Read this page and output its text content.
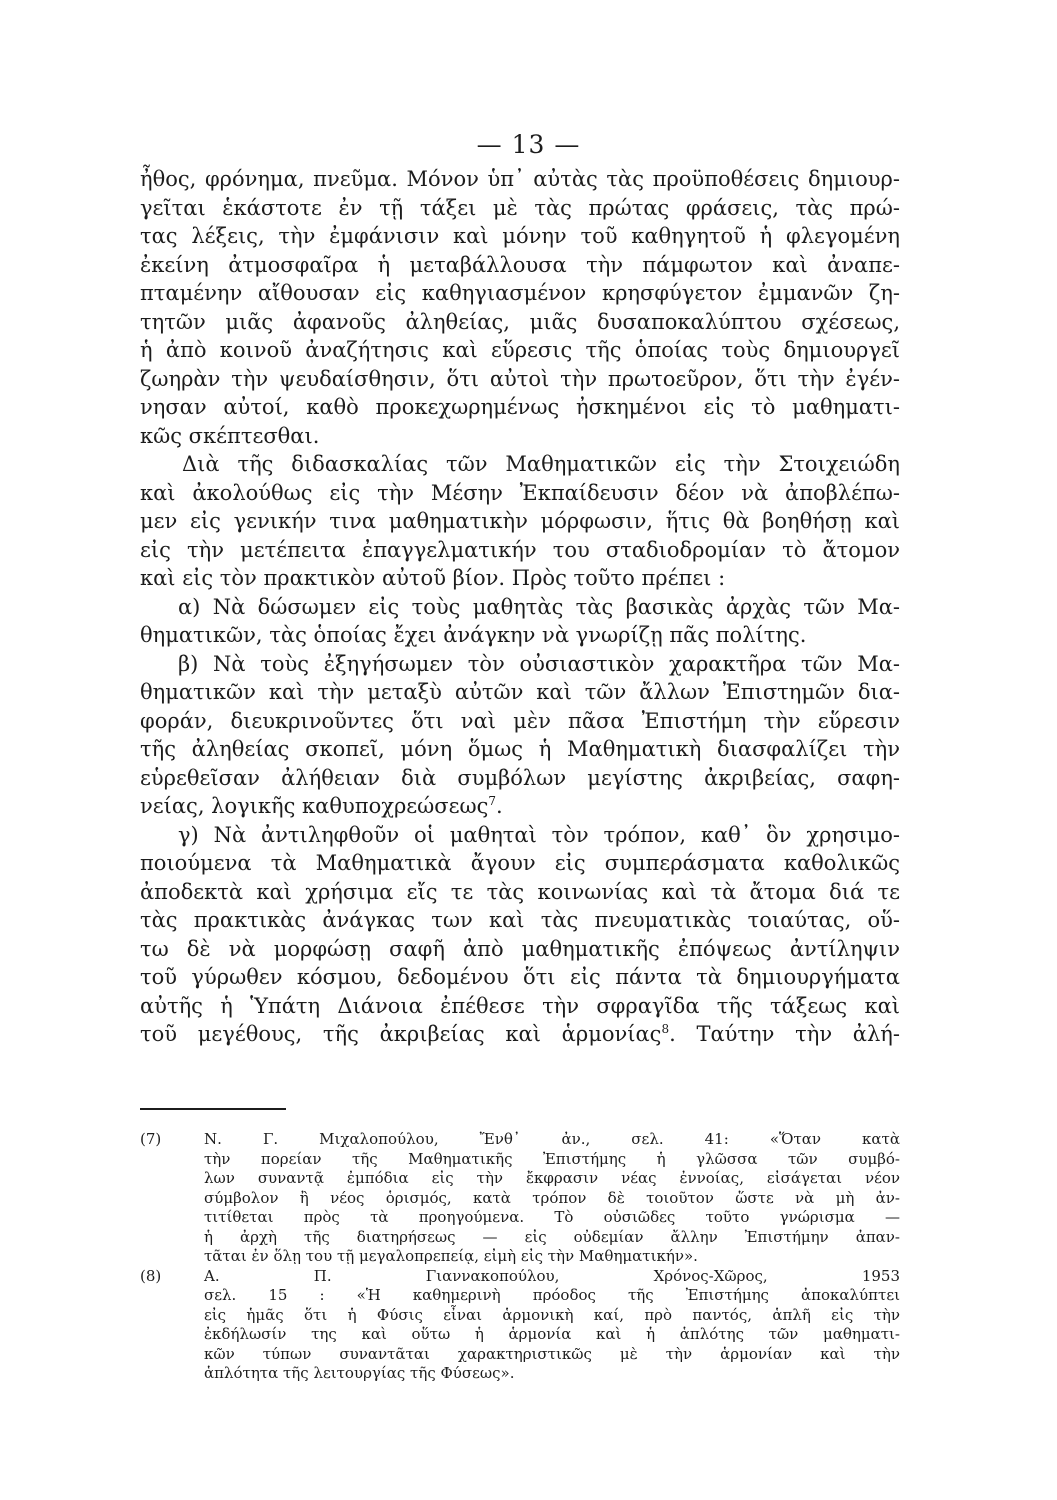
— 13 —

ἦθος, φρόνημα, πνεῦμα. Μόνον ὑπ᾽ αὐτὰς τὰς προϋποθέσεις δημιουρ-
γεῖται ἑκάστοτε ἐν τῇ τάξει μὲ τὰς πρώτας φράσεις, τὰς πρώ-
τας λέξεις, τὴν ἐμφάνισιν καὶ μόνην τοῦ καθηγητοῦ ἡ φλεγομένη
ἐκείνη ἀτμοσφαῖρα ἡ μεταβάλλουσα τὴν πάμφωτον καὶ ἀναπε-
πταμένην αἴθουσαν εἰς καθηγιασμένον κρησφύγετον ἐμμανῶν ζη-
τητῶν μιᾶς ἀφανοῦς ἀληθείας, μιᾶς δυσαποκαλύπτου σχέσεως,
ἡ ἀπὸ κοινοῦ ἀναζήτησις καὶ εὕρεσις τῆς ὁποίας τοὺς δημιουργεῖ
ζωηρὰν τὴν ψευδαίσθησιν, ὅτι αὐτοὶ τὴν πρωτοεῦρον, ὅτι τὴν ἐγέν-
νησαν αὐτοί, καθὸ προκεχωρημένως ἠσκημένοι εἰς τὸ μαθηματι-
κῶς σκέπτεσθαι.

Διὰ τῆς διδασκαλίας τῶν Μαθηματικῶν εἰς τὴν Στοιχειώδη
καὶ ἀκολούθως εἰς τὴν Μέσην Ἐκπαίδευσιν δέον νὰ ἀποβλέπω-
μεν εἰς γενικήν τινα μαθηματικὴν μόρφωσιν, ἥτις θὰ βοηθήσῃ καὶ
εἰς τὴν μετέπειτα ἐπαγγελματικήν του σταδιοδρομίαν τὸ ἄτομον
καὶ εἰς τὸν πρακτικὸν αὐτοῦ βίον. Πρὸς τοῦτο πρέπει :

α) Νὰ δώσωμεν εἰς τοὺς μαθητὰς τὰς βασικὰς ἀρχὰς τῶν Μα-
θηματικῶν, τὰς ὁποίας ἔχει ἀνάγκην νὰ γνωρίζῃ πᾶς πολίτης.

β) Νὰ τοὺς ἐξηγήσωμεν τὸν οὐσιαστικὸν χαρακτῆρα τῶν Μα-
θηματικῶν καὶ τὴν μεταξὺ αὐτῶν καὶ τῶν ἄλλων Ἐπιστημῶν δια-
φοράν, διευκρινοῦντες ὅτι ναὶ μὲν πᾶσα Ἐπιστήμη τὴν εὕρεσιν
τῆς ἀληθείας σκοπεῖ, μόνη ὅμως ἡ Μαθηματικὴ διασφαλίζει τὴν
εὑρεθεῖσαν ἀλήθειαν διὰ συμβόλων μεγίστης ἀκριβείας, σαφη-
νείας, λογικῆς καθυποχρεώσεως$^7$.

γ) Νὰ ἀντιληφθοῦν οἱ μαθηταὶ τὸν τρόπον, καθ᾽ ὃν χρησιμο-
ποιούμενα τὰ Μαθηματικὰ ἄγουν εἰς συμπεράσματα καθολικῶς
ἀποδεκτὰ καὶ χρήσιμα εἴς τε τὰς κοινωνίας καὶ τὰ ἄτομα διά τε
τὰς πρακτικὰς ἀνάγκας των καὶ τὰς πνευματικὰς τοιαύτας, οὕ-
τω δὲ νὰ μορφώσῃ σαφῆ ἀπὸ μαθηματικῆς ἐπόψεως ἀντίληψιν
τοῦ γύρωθεν κόσμου, δεδομένου ὅτι εἰς πάντα τὰ δημιουργήματα
αὐτῆς ἡ Ὑπάτη Διάνοια ἐπέθεσε τὴν σφραγῖδα τῆς τάξεως καὶ
τοῦ μεγέθους, τῆς ἀκριβείας καὶ ἁρμονίας$^8$. Ταύτην τὴν ἀλή-

(7)	Ν. Γ. Μιχαλοπούλου, Ἔνθ᾽ ἀν., σελ. 41: «Ὅταν κατὰ
τὴν πορείαν τῆς Μαθηματικῆς Ἐπιστήμης ἡ γλῶσσα τῶν συμβό-
λων συναντᾷ ἐμπόδια εἰς τὴν ἔκφρασιν νέας ἐννοίας, εἰσάγεται νέον
σύμβολον ἢ νέος ὁρισμός, κατὰ τρόπον δὲ τοιοῦτον ὥστε νὰ μὴ ἀν-
τιτίθεται πρὸς τὰ προηγούμενα. Τὸ οὐσιῶδες τοῦτο γνώρισμα —
ἡ ἀρχὴ τῆς διατηρήσεως — εἰς οὐδεμίαν ἄλλην Ἐπιστήμην ἀπαν-
τᾶται ἐν ὅλῃ του τῇ μεγαλοπρεπείᾳ, εἰμὴ εἰς τὴν Μαθηματικήν».
(8)	Α. Π. Γιαννακοπούλου, Χρόνος-Χῶρος, 1953
σελ. 15 : «Ἡ καθημερινὴ πρόοδος τῆς Ἐπιστήμης ἀποκαλύπτει
εἰς ἡμᾶς ὅτι ἡ Φύσις εἶναι ἁρμονικὴ καί, πρὸ παντός, ἁπλῆ εἰς τὴν
ἐκδήλωσίν της καὶ οὕτω ἡ ἁρμονία καὶ ἡ ἁπλότης τῶν μαθηματι-
κῶν τύπων συναντᾶται χαρακτηριστικῶς μὲ τὴν ἁρμονίαν καὶ τὴν
ἁπλότητα τῆς λειτουργίας τῆς Φύσεως».
